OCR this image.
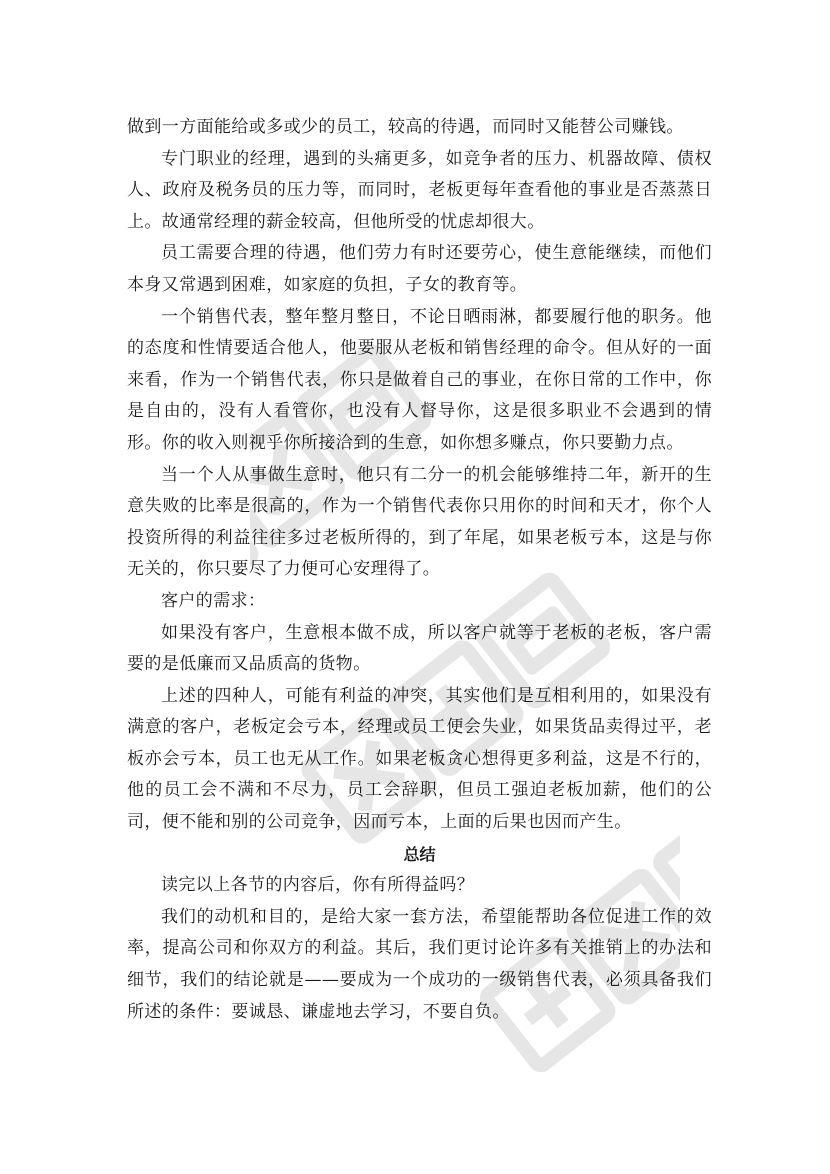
做到一方面能给或多或少的员工，较高的待遇，而同时又能替公司赚钱。

专门职业的经理，遇到的头痛更多，如竞争者的压力、机器故障、债权人、政府及税务员的压力等，而同时，老板更每年查看他的事业是否蒸蒸日上。故通常经理的薪金较高，但他所受的忧虑却很大。

员工需要合理的待遇，他们劳力有时还要劳心，使生意能继续，而他们本身又常遇到困难，如家庭的负担，子女的教育等。

一个销售代表，整年整月整日，不论日晒雨淋，都要履行他的职务。他的态度和性情要适合他人，他要服从老板和销售经理的命令。但从好的一面来看，作为一个销售代表，你只是做着自己的事业，在你日常的工作中，你是自由的，没有人看管你，也没有人督导你，这是很多职业不会遇到的情形。你的收入则视乎你所接洽到的生意，如你想多赚点，你只要勤力点。

当一个人从事做生意时，他只有二分一的机会能够维持二年，新开的生意失败的比率是很高的，作为一个销售代表你只用你的时间和天才，你个人投资所得的利益往往多过老板所得的，到了年尾，如果老板亏本，这是与你无关的，你只要尽了力便可心安理得了。

客户的需求：

如果没有客户，生意根本做不成，所以客户就等于老板的老板，客户需要的是低廉而又品质高的货物。

上述的四种人，可能有利益的冲突，其实他们是互相利用的，如果没有满意的客户，老板定会亏本，经理或员工便会失业，如果货品卖得过平，老板亦会亏本，员工也无从工作。如果老板贪心想得更多利益，这是不行的，他的员工会不满和不尽力，员工会辞职，但员工强迫老板加薪，他们的公司，便不能和别的公司竞争，因而亏本，上面的后果也因而产生。

总结

读完以上各节的内容后，你有所得益吗？

我们的动机和目的，是给大家一套方法，希望能帮助各位促进工作的效率，提高公司和你双方的利益。其后，我们更讨论许多有关推销上的办法和细节，我们的结论就是——要成为一个成功的一级销售代表，必须具备我们所述的条件：要诚恳、谦虚地去学习，不要自负。
